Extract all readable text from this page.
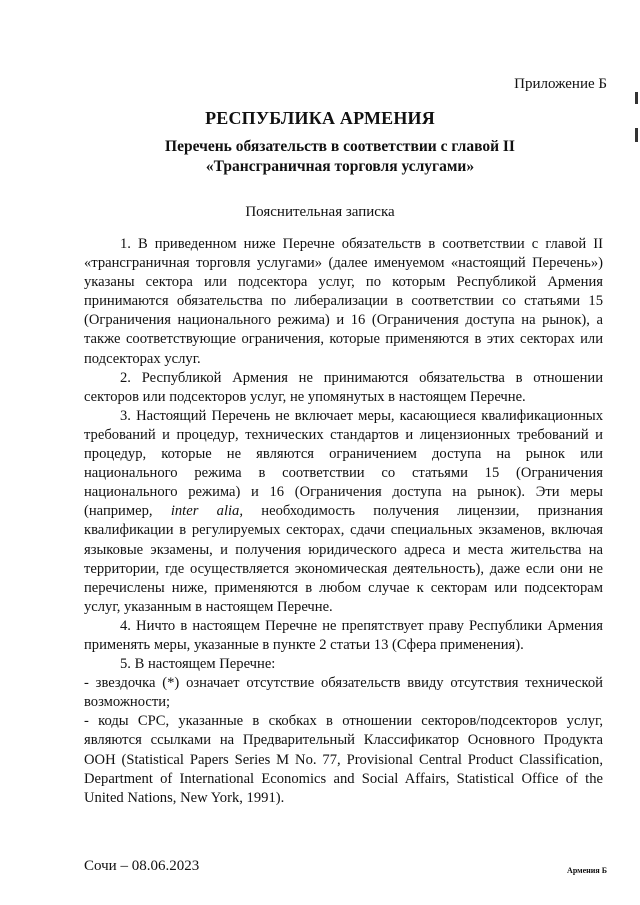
Приложение Б
РЕСПУБЛИКА АРМЕНИЯ
Перечень обязательств в соответствии с главой II
«Трансграничная торговля услугами»
Пояснительная записка

1. В приведенном ниже Перечне обязательств в соответствии с главой II «трансграничная торговля услугами» (далее именуемом «настоящий Перечень») указаны сектора или подсектора услуг, по которым Республикой Армения принимаются обязательства по либерализации в соответствии со статьями 15 (Ограничения национального режима) и 16 (Ограничения доступа на рынок), а также соответствующие ограничения, которые применяются в этих секторах или подсекторах услуг.

2. Республикой Армения не принимаются обязательства в отношении секторов или подсекторов услуг, не упомянутых в настоящем Перечне.

3. Настоящий Перечень не включает меры, касающиеся квалификационных требований и процедур, технических стандартов и лицензионных требований и процедур, которые не являются ограничением доступа на рынок или национального режима в соответствии со статьями 15 (Ограничения национального режима) и 16 (Ограничения доступа на рынок). Эти меры (например, inter alia, необходимость получения лицензии, признания квалификации в регулируемых секторах, сдачи специальных экзаменов, включая языковые экзамены, и получения юридического адреса и места жительства на территории, где осуществляется экономическая деятельность), даже если они не перечислены ниже, применяются в любом случае к секторам или подсекторам услуг, указанным в настоящем Перечне.

4. Ничто в настоящем Перечне не препятствует праву Республики Армения применять меры, указанные в пункте 2 статьи 13 (Сфера применения).

5. В настоящем Перечне:

- звездочка (*) означает отсутствие обязательств ввиду отсутствия технической возможности;

- коды CPC, указанные в скобках в отношении секторов/подсекторов услуг, являются ссылками на Предварительный Классификатор Основного Продукта ООН (Statistical Papers Series M No. 77, Provisional Central Product Classification, Department of International Economics and Social Affairs, Statistical Office of the United Nations, New York, 1991).

Сочи – 08.06.2023	Армения Б
